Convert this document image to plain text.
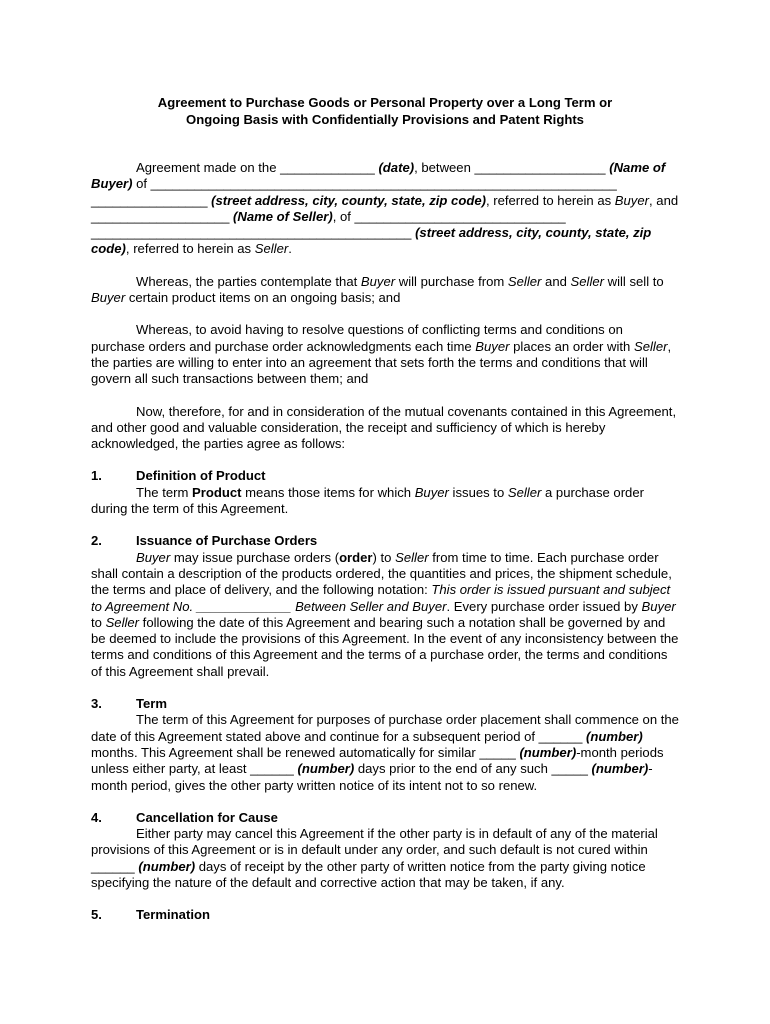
Agreement to Purchase Goods or Personal Property over a Long Term or
Ongoing Basis with Confidentially Provisions and Patent Rights

Agreement made on the _____________ (date), between __________________ (Name of Buyer) of ________________________________________________________________ ________________ (street address, city, county, state, zip code), referred to herein as Buyer, and ___________________ (Name of Seller), of _____________________________ ____________________________________________ (street address, city, county, state, zip code), referred to herein as Seller.

Whereas, the parties contemplate that Buyer will purchase from Seller and Seller will sell to Buyer certain product items on an ongoing basis; and

Whereas, to avoid having to resolve questions of conflicting terms and conditions on purchase orders and purchase order acknowledgments each time Buyer places an order with Seller, the parties are willing to enter into an agreement that sets forth the terms and conditions that will govern all such transactions between them; and

Now, therefore, for and in consideration of the mutual covenants contained in this Agreement, and other good and valuable consideration, the receipt and sufficiency of which is hereby acknowledged, the parties agree as follows:

1.	Definition of Product

The term Product means those items for which Buyer issues to Seller a purchase order during the term of this Agreement.

2.	Issuance of Purchase Orders

Buyer may issue purchase orders (order) to Seller from time to time. Each purchase order shall contain a description of the products ordered, the quantities and prices, the shipment schedule, the terms and place of delivery, and the following notation: This order is issued pursuant and subject to Agreement No. _____________ Between Seller and Buyer. Every purchase order issued by Buyer to Seller following the date of this Agreement and bearing such a notation shall be governed by and be deemed to include the provisions of this Agreement. In the event of any inconsistency between the terms and conditions of this Agreement and the terms of a purchase order, the terms and conditions of this Agreement shall prevail.

3.	Term

The term of this Agreement for purposes of purchase order placement shall commence on the date of this Agreement stated above and continue for a subsequent period of ______ (number) months. This Agreement shall be renewed automatically for similar _____ (number)-month periods unless either party, at least ______ (number) days prior to the end of any such _____ (number)-month period, gives the other party written notice of its intent not to so renew.

4.	Cancellation for Cause

Either party may cancel this Agreement if the other party is in default of any of the material provisions of this Agreement or is in default under any order, and such default is not cured within ______ (number) days of receipt by the other party of written notice from the party giving notice specifying the nature of the default and corrective action that may be taken, if any.

5.	Termination
